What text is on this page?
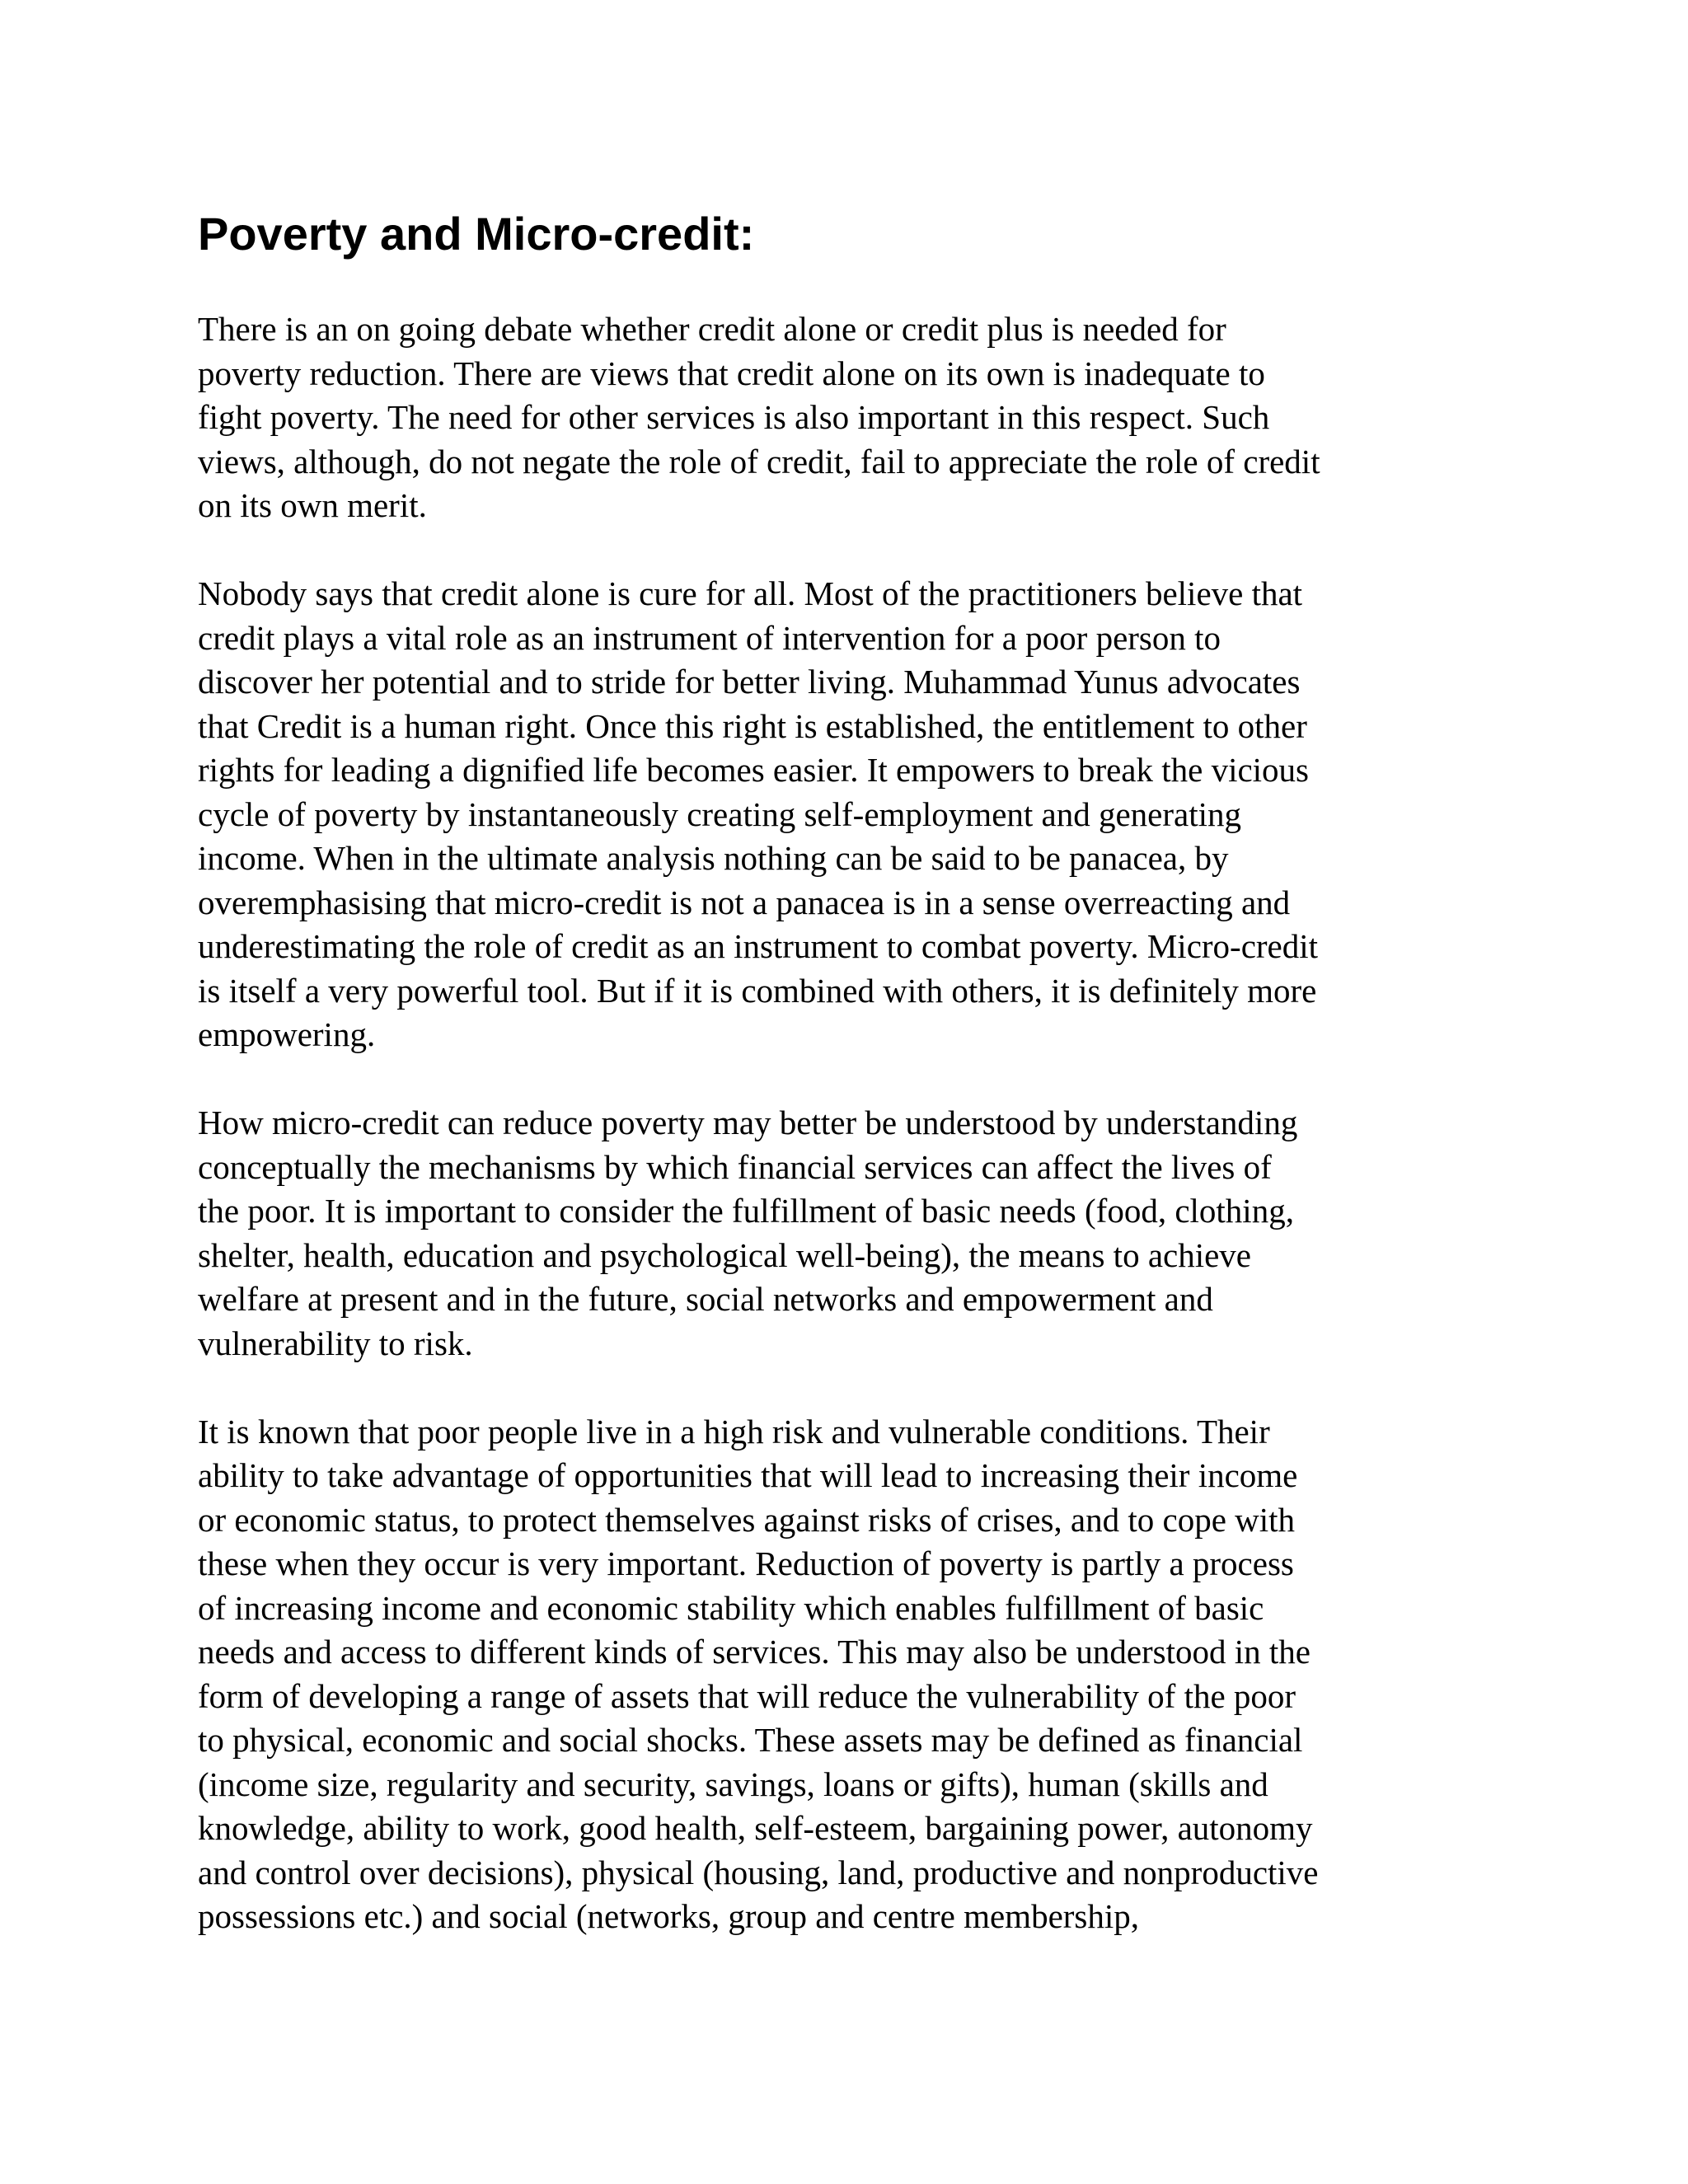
Poverty and Micro-credit:

There is an on going debate whether credit alone or credit plus is needed for
poverty reduction. There are views that credit alone on its own is inadequate to
fight poverty. The need for other services is also important in this respect. Such
views, although, do not negate the role of credit, fail to appreciate the role of credit
on its own merit.

Nobody says that credit alone is cure for all. Most of the practitioners believe that
credit plays a vital role as an instrument of intervention for a poor person to
discover her potential and to stride for better living. Muhammad Yunus advocates
that Credit is a human right. Once this right is established, the entitlement to other
rights for leading a dignified life becomes easier. It empowers to break the vicious
cycle of poverty by instantaneously creating self-employment and generating
income. When in the ultimate analysis nothing can be said to be panacea, by
overemphasising that micro-credit is not a panacea is in a sense overreacting and
underestimating the role of credit as an instrument to combat poverty. Micro-credit
is itself a very powerful tool. But if it is combined with others, it is definitely more
empowering.

How micro-credit can reduce poverty may better be understood by understanding
conceptually the mechanisms by which financial services can affect the lives of
the poor. It is important to consider the fulfillment of basic needs (food, clothing,
shelter, health, education and psychological well-being), the means to achieve
welfare at present and in the future, social networks and empowerment and
vulnerability to risk.

It is known that poor people live in a high risk and vulnerable conditions. Their
ability to take advantage of opportunities that will lead to increasing their income
or economic status, to protect themselves against risks of crises, and to cope with
these when they occur is very important. Reduction of poverty is partly a process
of increasing income and economic stability which enables fulfillment of basic
needs and access to different kinds of services. This may also be understood in the
form of developing a range of assets that will reduce the vulnerability of the poor
to physical, economic and social shocks. These assets may be defined as financial
(income size, regularity and security, savings, loans or gifts), human (skills and
knowledge, ability to work, good health, self-esteem, bargaining power, autonomy
and control over decisions), physical (housing, land, productive and nonproductive
possessions etc.) and social (networks, group and centre membership,
